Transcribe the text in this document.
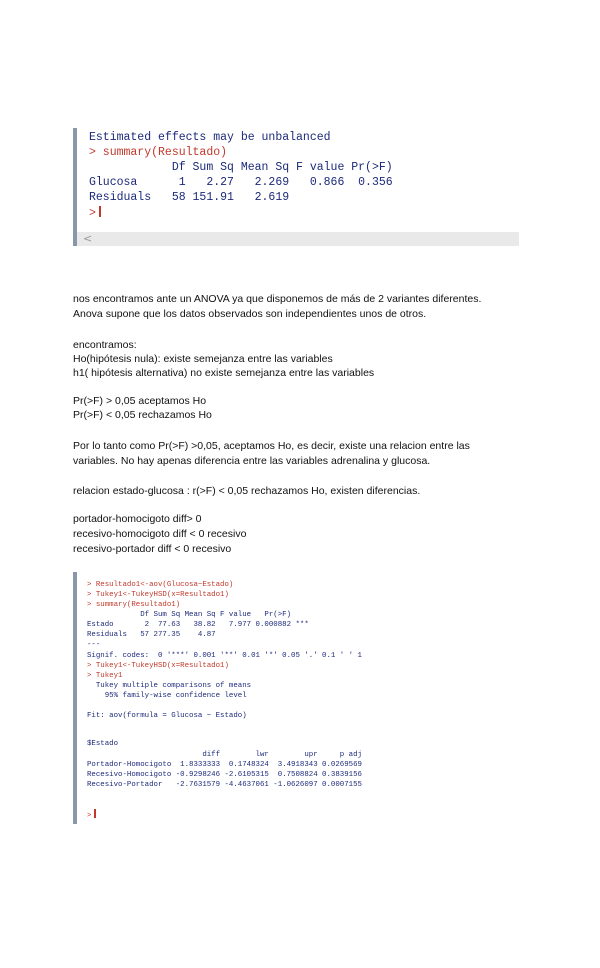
Estimated effects may be unbalanced

> summary(Resultado)

Df Sum Sq Mean Sq F value Pr(>F)

Glucosa      1   2.27   2.269   0.866  0.356

Residuals   58 151.91   2.619

>

<

nos encontramos ante un ANOVA ya que disponemos de más de 2 variantes diferentes.
Anova supone que los datos observados son independientes unos de otros.
encontramos:
Ho(hipótesis nula): existe semejanza entre las variables
h1( hipótesis alternativa) no existe semejanza entre las variables
Pr(>F) > 0,05 aceptamos Ho
Pr(>F) < 0,05 rechazamos Ho
Por lo tanto como Pr(>F) >0,05, aceptamos Ho, es decir, existe una relacion entre las
variables. No hay apenas diferencia entre las variables adrenalina y glucosa.
relacion estado-glucosa : r(>F) < 0,05 rechazamos Ho, existen diferencias.
portador-homocigoto diff> 0
recesivo-homocigoto diff < 0 recesivo
recesivo-portador diff < 0 recesivo

> Resultado1<-aov(Glucosa~Estado)

> Tukey1<-TukeyHSD(x=Resultado1)

> summary(Resultado1)

Df Sum Sq Mean Sq F value   Pr(>F)

Estado       2  77.63   38.82   7.977 0.000882 ***

Residuals   57 277.35    4.87

---

Signif. codes:  0 '***' 0.001 '**' 0.01 '*' 0.05 '.' 0.1 ' ' 1

> Tukey1<-TukeyHSD(x=Resultado1)

> Tukey1

Tukey multiple comparisons of means

95% family-wise confidence level

Fit: aov(formula = Glucosa ~ Estado)

$Estado

diff        lwr        upr     p adj

Portador-Homocigoto  1.8333333  0.1748324  3.4918343 0.0269569

Recesivo-Homocigoto -0.9298246 -2.6105315  0.7508824 0.3839156

Recesivo-Portador   -2.7631579 -4.4637061 -1.0626097 0.0007155

>
